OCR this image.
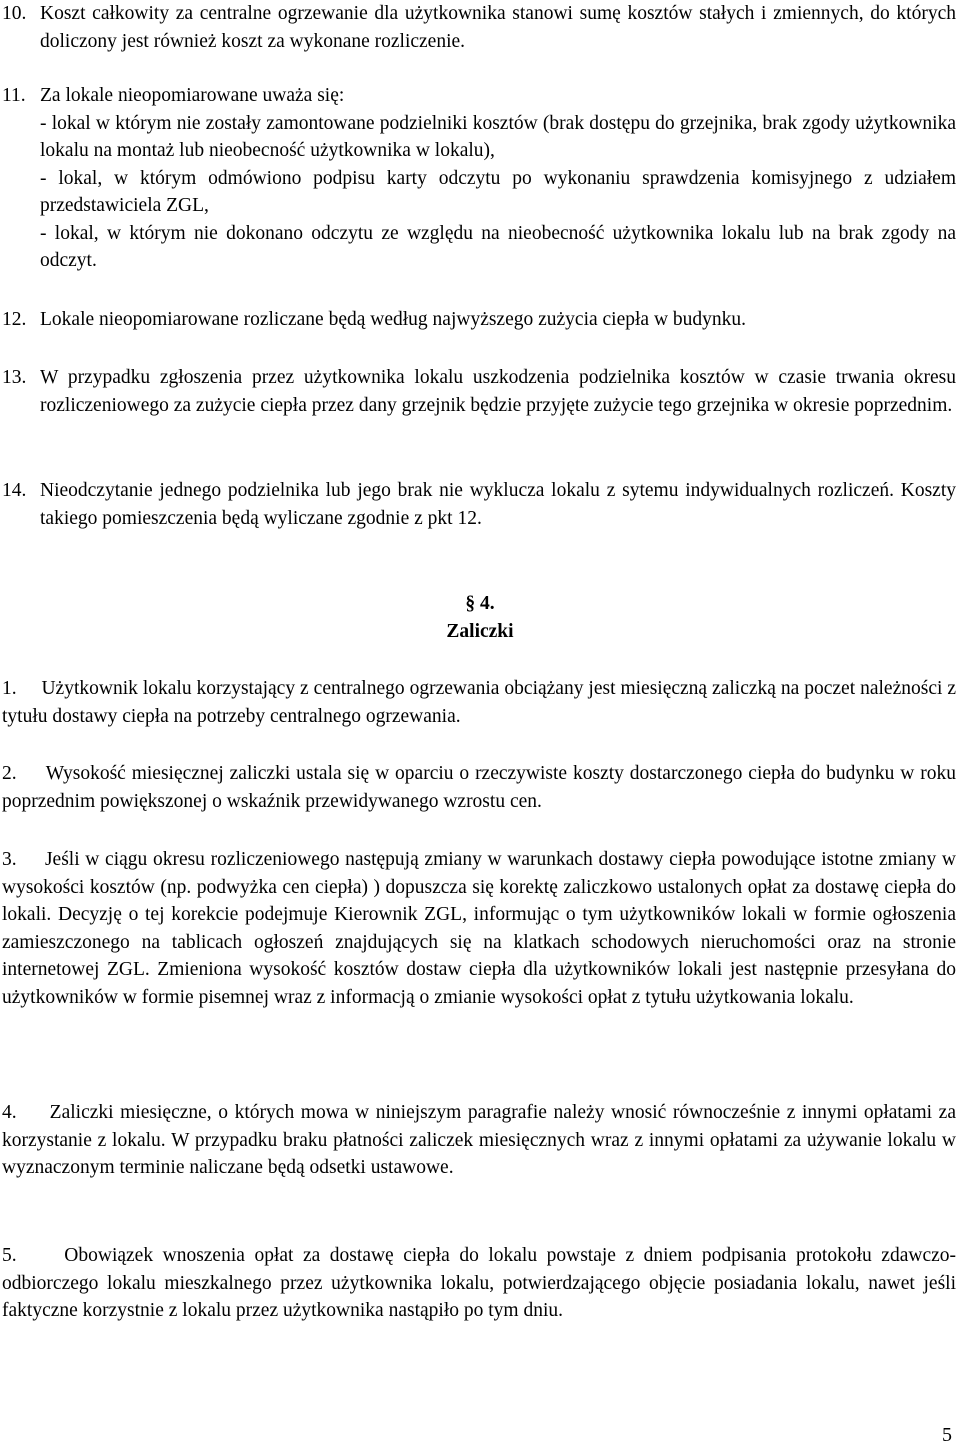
10. Koszt całkowity za centralne ogrzewanie dla użytkownika stanowi sumę kosztów stałych i zmiennych, do których doliczony jest również koszt za wykonane rozliczenie.
11. Za lokale nieopomiarowane uważa się:
- lokal w którym nie zostały zamontowane podzielniki kosztów (brak dostępu do grzejnika, brak zgody użytkownika lokalu na montaż lub nieobecność użytkownika w lokalu),
- lokal, w którym odmówiono podpisu karty odczytu po wykonaniu sprawdzenia komisyjnego z udziałem przedstawiciela ZGL,
- lokal, w którym nie dokonano odczytu ze względu na nieobecność użytkownika lokalu lub na brak zgody na odczyt.
12. Lokale nieopomiarowane rozliczane będą według najwyższego zużycia ciepła w budynku.
13. W przypadku zgłoszenia przez użytkownika lokalu uszkodzenia podzielnika kosztów w czasie trwania okresu rozliczeniowego za zużycie ciepła przez dany grzejnik będzie przyjęte zużycie tego grzejnika w okresie poprzednim.
14. Nieodczytanie jednego podzielnika lub jego brak nie wyklucza lokalu z sytemu indywidualnych rozliczeń. Koszty takiego pomieszczenia będą wyliczane zgodnie z pkt 12.
§ 4.
Zaliczki
1. Użytkownik lokalu korzystający z centralnego ogrzewania obciążany jest miesięczną zaliczką na poczet należności z tytułu dostawy ciepła na potrzeby centralnego ogrzewania.
2. Wysokość miesięcznej zaliczki ustala się w oparciu o rzeczywiste koszty dostarczonego ciepła do budynku w roku poprzednim powiększonej o wskaźnik przewidywanego wzrostu cen.
3. Jeśli w ciągu okresu rozliczeniowego następują zmiany w warunkach dostawy ciepła powodujące istotne zmiany w wysokości kosztów (np. podwyżka cen ciepła) ) dopuszcza się korektę zaliczkowo ustalonych opłat za dostawę ciepła do lokali. Decyzję o tej korekcie podejmuje Kierownik ZGL, informując o tym użytkowników lokali w formie ogłoszenia zamieszczonego na tablicach ogłoszeń znajdujących się na klatkach schodowych nieruchomości oraz na stronie internetowej ZGL. Zmieniona wysokość kosztów dostaw ciepła dla użytkowników lokali jest następnie przesyłana do użytkowników w formie pisemnej wraz z informacją o zmianie wysokości opłat z tytułu użytkowania lokalu.
4. Zaliczki miesięczne, o których mowa w niniejszym paragrafie należy wnosić równocześnie z innymi opłatami za korzystanie z lokalu. W przypadku braku płatności zaliczek miesięcznych wraz z innymi opłatami za używanie lokalu w wyznaczonym terminie naliczane będą odsetki ustawowe.
5. Obowiązek wnoszenia opłat za dostawę ciepła do lokalu powstaje z dniem podpisania protokołu zdawczo-odbiorczego lokalu mieszkalnego przez użytkownika lokalu, potwierdzającego objęcie posiadania lokalu, nawet jeśli faktyczne korzystnie z lokalu przez użytkownika nastąpiło po tym dniu.
5
